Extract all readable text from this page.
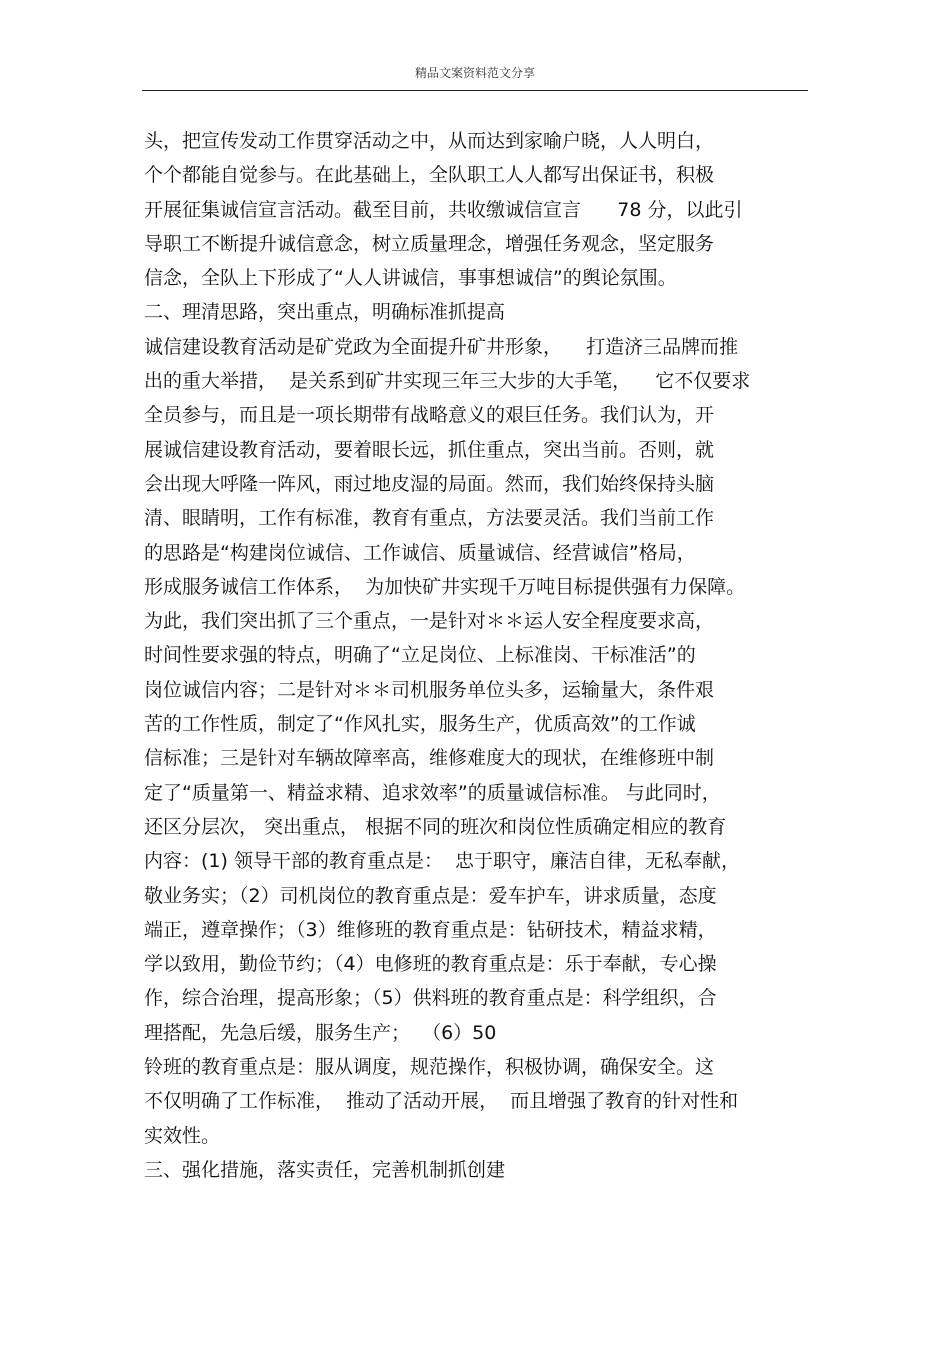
精品文案资料范文分享
头，把宣传发动工作贯穿活动之中，从而达到家喻户晓，人人明白，
个个都能自觉参与。在此基础上，全队职工人人都写出保证书，积极
开展征集诚信宣言活动。截至目前，共收缴诚信宣言      78 分，以此引
导职工不断提升诚信意念，树立质量理念，增强任务观念，坚定服务
信念，全队上下形成了“人人讲诚信，事事想诚信”的舆论氛围。
二、理清思路，突出重点，明确标准抓提高
诚信建设教育活动是矿党政为全面提升矿井形象，    打造济三品牌而推
出的重大举措，  是关系到矿井实现三年三大步的大手笔，    它不仅要求
全员参与，而且是一项长期带有战略意义的艰巨任务。我们认为，开
展诚信建设教育活动，要着眼长远，抓住重点，突出当前。否则，就
会出现大呼隆一阵风，雨过地皮湿的局面。然而，我们始终保持头脑
清、眼睛明，工作有标准，教育有重点，方法要灵活。我们当前工作
的思路是“构建岗位诚信、工作诚信、质量诚信、经营诚信”格局，
形成服务诚信工作体系，  为加快矿井实现千万吨目标提供强有力保障。
为此，我们突出抓了三个重点，一是针对＊＊运人安全程度要求高，
时间性要求强的特点，明确了“立足岗位、上标准岗、干标准活”的
岗位诚信内容；二是针对＊＊司机服务单位头多，运输量大，条件艰
苦的工作性质，制定了“作风扎实，服务生产，优质高效”的工作诚
信标准；三是针对车辆故障率高，维修难度大的现状，在维修班中制
定了“质量第一、精益求精、追求效率”的质量诚信标准。 与此同时，
还区分层次， 突出重点， 根据不同的班次和岗位性质确定相应的教育
内容：(1) 领导干部的教育重点是：  忠于职守，廉洁自律，无私奉献，
敬业务实；（2）司机岗位的教育重点是：爱车护车，讲求质量，态度
端正，遵章操作；（3）维修班的教育重点是：钻研技术，精益求精，
学以致用，勤俭节约；（4）电修班的教育重点是：乐于奉献，专心操
作，综合治理，提高形象；（5）供料班的教育重点是：科学组织，合
理搭配，先急后缓，服务生产；  （6）50
铃班的教育重点是：服从调度，规范操作，积极协调，确保安全。这
不仅明确了工作标准，  推动了活动开展，  而且增强了教育的针对性和
实效性。
三、强化措施，落实责任，完善机制抓创建
